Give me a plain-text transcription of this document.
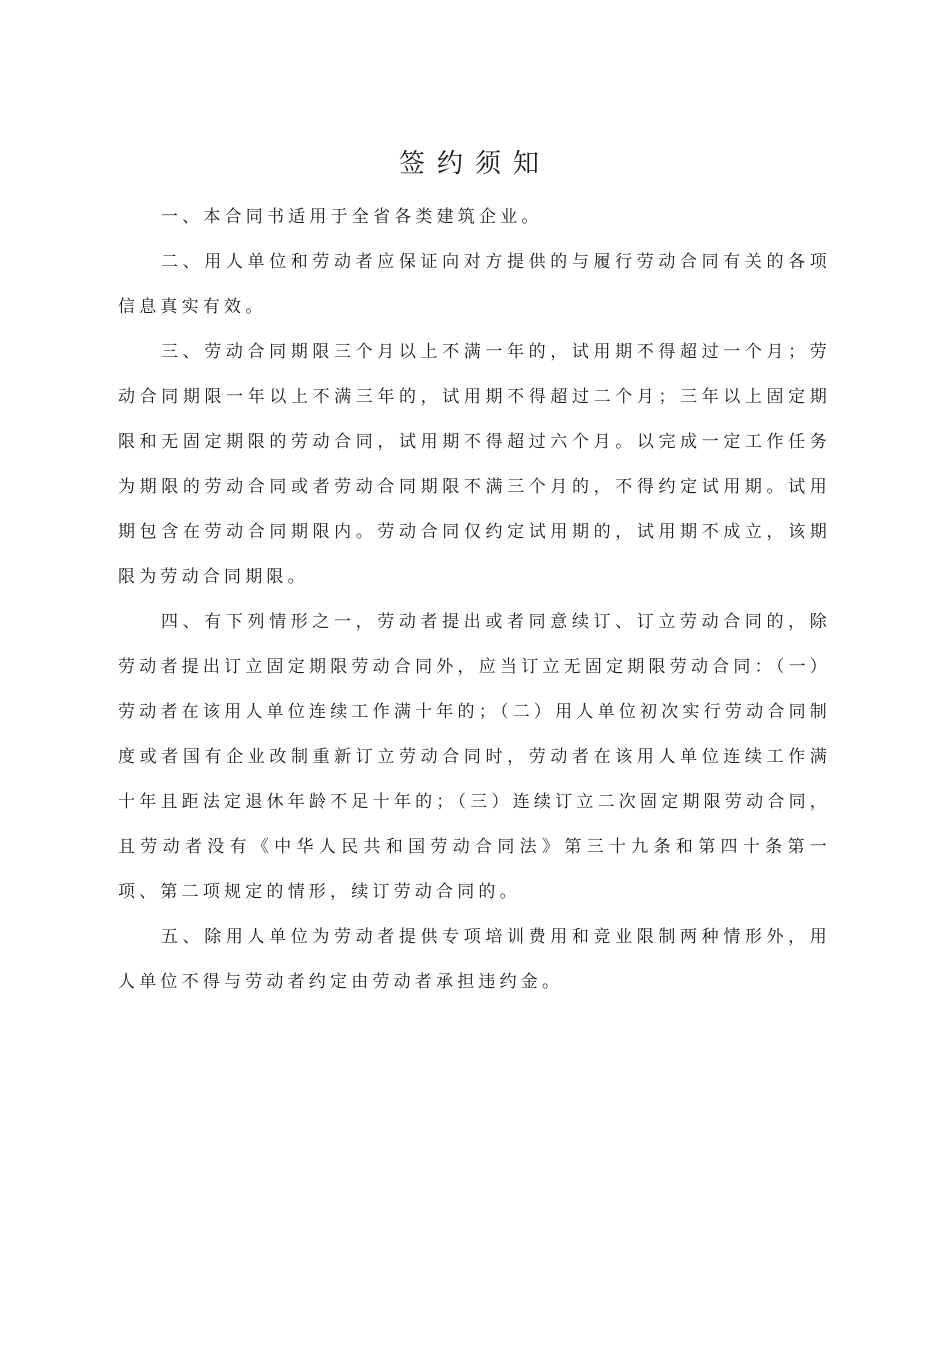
签约须知

一、本合同书适用于全省各类建筑企业。

二、用人单位和劳动者应保证向对方提供的与履行劳动合同有关的各项信息真实有效。

三、劳动合同期限三个月以上不满一年的，试用期不得超过一个月；劳动合同期限一年以上不满三年的，试用期不得超过二个月；三年以上固定期限和无固定期限的劳动合同，试用期不得超过六个月。以完成一定工作任务为期限的劳动合同或者劳动合同期限不满三个月的，不得约定试用期。试用期包含在劳动合同期限内。劳动合同仅约定试用期的，试用期不成立，该期限为劳动合同期限。

四、有下列情形之一，劳动者提出或者同意续订、订立劳动合同的，除劳动者提出订立固定期限劳动合同外，应当订立无固定期限劳动合同：（一）劳动者在该用人单位连续工作满十年的；（二）用人单位初次实行劳动合同制度或者国有企业改制重新订立劳动合同时，劳动者在该用人单位连续工作满十年且距法定退休年龄不足十年的；（三）连续订立二次固定期限劳动合同，且劳动者没有《中华人民共和国劳动合同法》第三十九条和第四十条第一项、第二项规定的情形，续订劳动合同的。

五、除用人单位为劳动者提供专项培训费用和竞业限制两种情形外，用人单位不得与劳动者约定由劳动者承担违约金。
